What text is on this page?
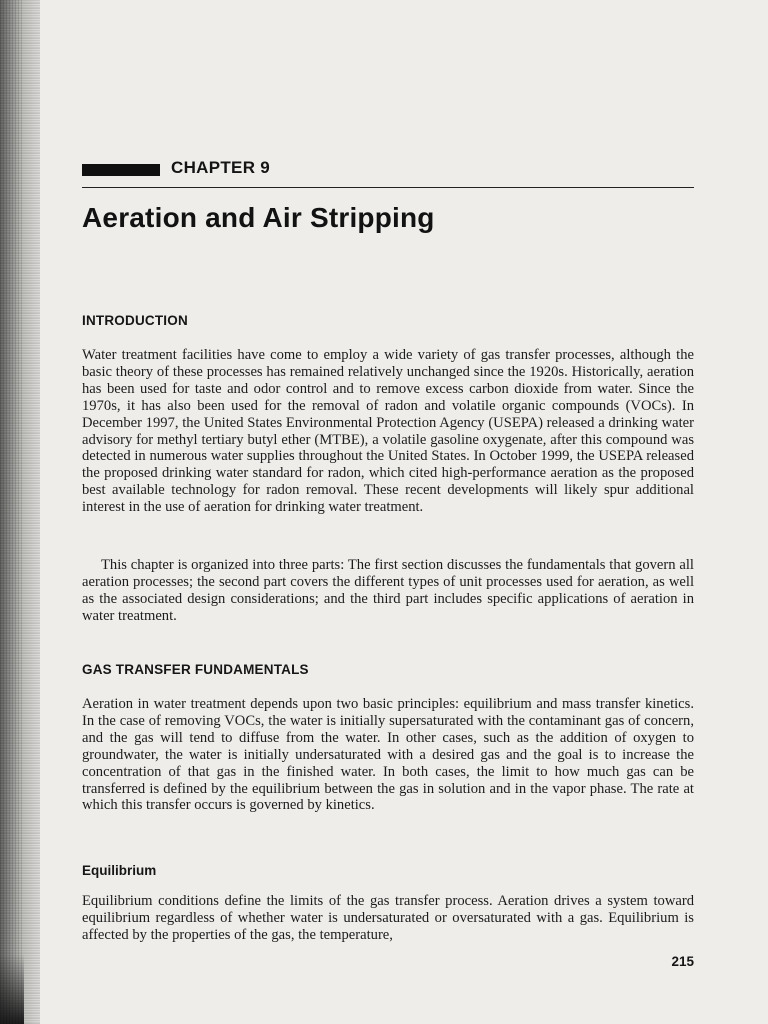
CHAPTER 9
Aeration and Air Stripping
INTRODUCTION

Water treatment facilities have come to employ a wide variety of gas transfer processes, although the basic theory of these processes has remained relatively unchanged since the 1920s. Historically, aeration has been used for taste and odor control and to remove excess carbon dioxide from water. Since the 1970s, it has also been used for the removal of radon and volatile organic compounds (VOCs). In December 1997, the United States Environmental Protection Agency (USEPA) released a drinking water advisory for methyl tertiary butyl ether (MTBE), a volatile gasoline oxygenate, after this compound was detected in numerous water supplies throughout the United States. In October 1999, the USEPA released the proposed drinking water standard for radon, which cited high-performance aeration as the proposed best available technology for radon removal. These recent developments will likely spur additional interest in the use of aeration for drinking water treatment.

This chapter is organized into three parts: The first section discusses the fundamentals that govern all aeration processes; the second part covers the different types of unit processes used for aeration, as well as the associated design considerations; and the third part includes specific applications of aeration in water treatment.

GAS TRANSFER FUNDAMENTALS

Aeration in water treatment depends upon two basic principles: equilibrium and mass transfer kinetics. In the case of removing VOCs, the water is initially supersaturated with the contaminant gas of concern, and the gas will tend to diffuse from the water. In other cases, such as the addition of oxygen to groundwater, the water is initially undersaturated with a desired gas and the goal is to increase the concentration of that gas in the finished water. In both cases, the limit to how much gas can be transferred is defined by the equilibrium between the gas in solution and in the vapor phase. The rate at which this transfer occurs is governed by kinetics.

Equilibrium

Equilibrium conditions define the limits of the gas transfer process. Aeration drives a system toward equilibrium regardless of whether water is undersaturated or oversaturated with a gas. Equilibrium is affected by the properties of the gas, the temperature,

215
